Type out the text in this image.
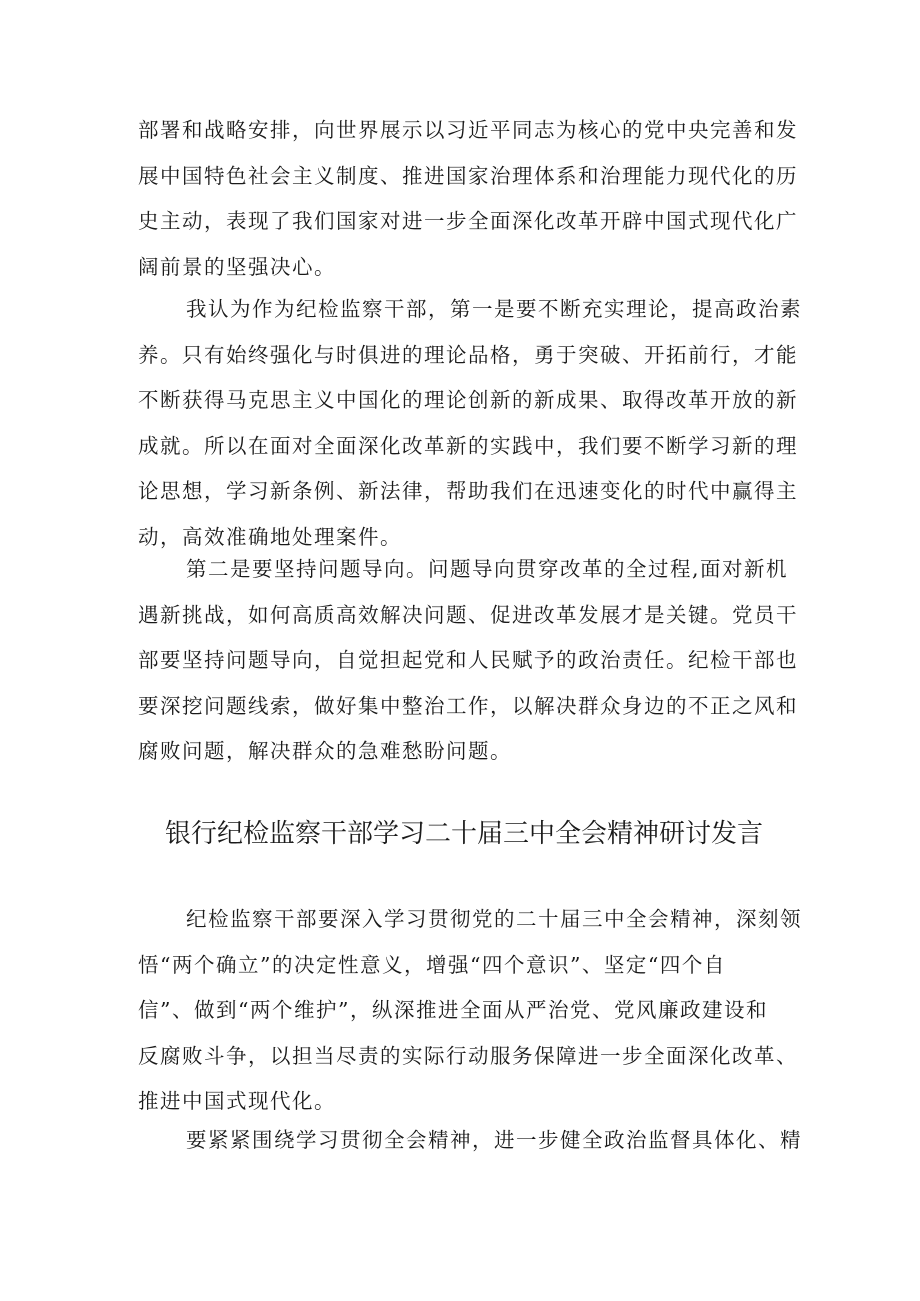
部署和战略安排，向世界展示以习近平同志为核心的党中央完善和发
展中国特色社会主义制度、推进国家治理体系和治理能力现代化的历
史主动，表现了我们国家对进一步全面深化改革开辟中国式现代化广
阔前景的坚强决心。
我认为作为纪检监察干部，第一是要不断充实理论，提高政治素
养。只有始终强化与时俱进的理论品格，勇于突破、开拓前行，才能
不断获得马克思主义中国化的理论创新的新成果、取得改革开放的新
成就。所以在面对全面深化改革新的实践中，我们要不断学习新的理
论思想，学习新条例、新法律，帮助我们在迅速变化的时代中赢得主
动，高效准确地处理案件。
第二是要坚持问题导向。问题导向贯穿改革的全过程,面对新机
遇新挑战，如何高质高效解决问题、促进改革发展才是关键。党员干
部要坚持问题导向，自觉担起党和人民赋予的政治责任。纪检干部也
要深挖问题线索，做好集中整治工作，以解决群众身边的不正之风和
腐败问题，解决群众的急难愁盼问题。
银行纪检监察干部学习二十届三中全会精神研讨发言
纪检监察干部要深入学习贯彻党的二十届三中全会精神，深刻领
悟“两个确立”的决定性意义，增强“四个意识”、坚定“四个自
信”、做到“两个维护”，纵深推进全面从严治党、党风廉政建设和
反腐败斗争，以担当尽责的实际行动服务保障进一步全面深化改革、
推进中国式现代化。
要紧紧围绕学习贯彻全会精神，进一步健全政治监督具体化、精
